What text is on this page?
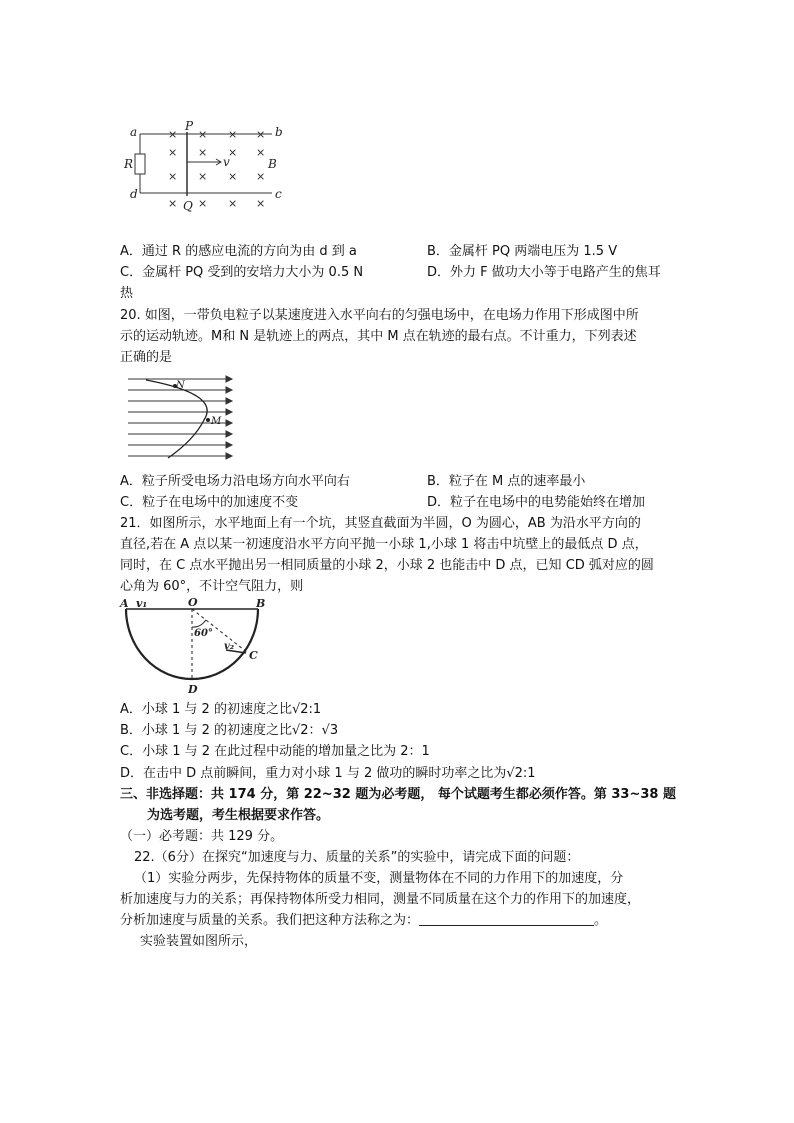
× × × ×
× × × ×
× × × ×
× × × ×
a
d
b
c
P
Q
R	B
v
A．通过 R 的感应电流的方向为由 d 到 a	B．金属杆 PQ 两端电压为 1.5 V
C．金属杆 PQ 受到的安培力大小为 0.5 N	D．外力 F 做功大小等于电路产生的焦耳
热
20. 如图，一带负电粒子以某速度进入水平向右的匀强电场中，在电场力作用下形成图中所
示的运动轨迹。M和 N 是轨迹上的两点，其中 M 点在轨迹的最右点。不计重力，下列表述
正确的是
N
M
A．粒子所受电场力沿电场方向水平向右	B．粒子在 M 点的速率最小
C．粒子在电场中的加速度不变	D．粒子在电场中的电势能始终在增加
21．如图所示，水平地面上有一个坑，其竖直截面为半圆，O 为圆心，AB 为沿水平方向的
直径,若在 A 点以某一初速度沿水平方向平抛一小球 1,小球 1 将击中坑壁上的最低点 D 点，
同时，在 C 点水平抛出另一相同质量的小球 2，小球 2 也能击中 D 点，已知 CD 弧对应的圆
心角为 60°，不计空气阻力，则
A v₁	O	B
60°
v₂
C
D
A．小球 1 与 2 的初速度之比√2:1
B．小球 1 与 2 的初速度之比√2：√3
C．小球 1 与 2 在此过程中动能的增加量之比为 2：1
D．在击中 D 点前瞬间，重力对小球 1 与 2 做功的瞬时功率之比为√2:1
三、非选择题：共 174 分，第 22~32 题为必考题， 每个试题考生都必须作答。第 33~38 题
为选考题，考生根据要求作答。
（一）必考题：共 129 分。
22.（6分）在探究“加速度与力、质量的关系”的实验中，请完成下面的问题：
（1）实验分两步，先保持物体的质量不变，测量物体在不同的力作用下的加速度，分
析加速度与力的关系；再保持物体所受力相同，测量不同质量在这个力的作用下的加速度，
分析加速度与质量的关系。我们把这种方法称之为：	。
实验装置如图所示，
